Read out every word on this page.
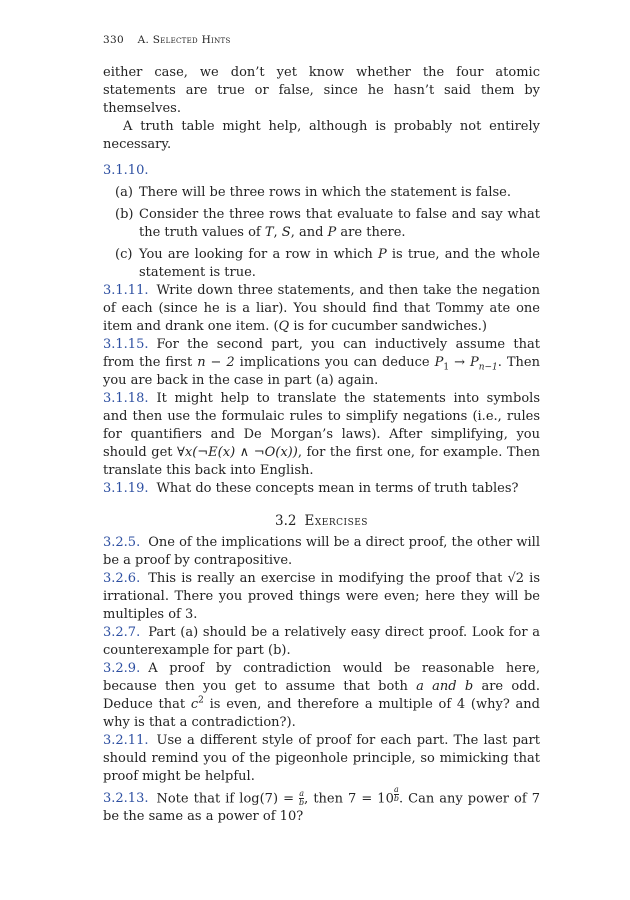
330 A. Selected Hints

either case, we don’t yet know whether the four atomic statements are true or false, since he hasn’t said them by themselves.

A truth table might help, although is probably not entirely necessary.

3.1.10.

(a) There will be three rows in which the statement is false.
(b) Consider the three rows that evaluate to false and say what the truth values of T, S, and P are there.
(c) You are looking for a row in which P is true, and the whole statement is true.

3.1.11. Write down three statements, and then take the negation of each (since he is a liar). You should find that Tommy ate one item and drank one item. (Q is for cucumber sandwiches.)

3.1.15. For the second part, you can inductively assume that from the first n − 2 implications you can deduce $P_1 \to P_{n-1}$. Then you are back in the case in part (a) again.

3.1.18. It might help to translate the statements into symbols and then use the formulaic rules to simplify negations (i.e., rules for quantifiers and De Morgan’s laws). After simplifying, you should get ∀x(¬E(x) ∧ ¬O(x)), for the first one, for example. Then translate this back into English.

3.1.19. What do these concepts mean in terms of truth tables?

3.2 Exercises

3.2.5. One of the implications will be a direct proof, the other will be a proof by contrapositive.

3.2.6. This is really an exercise in modifying the proof that √2 is irrational. There you proved things were even; here they will be multiples of 3.

3.2.7. Part (a) should be a relatively easy direct proof. Look for a counterexample for part (b).

3.2.9. A proof by contradiction would be reasonable here, because then you get to assume that both a and b are odd. Deduce that $c^2$ is even, and therefore a multiple of 4 (why? and why is that a contradiction?).

3.2.11. Use a different style of proof for each part. The last part should remind you of the pigeonhole principle, so mimicking that proof might be helpful.

3.2.13. Note that if $\log(7) = \frac{a}{b}$ , then 7 = 10 $^{\frac{a}{b}}$ . Can any power of 7 be the same as a power of 10?
